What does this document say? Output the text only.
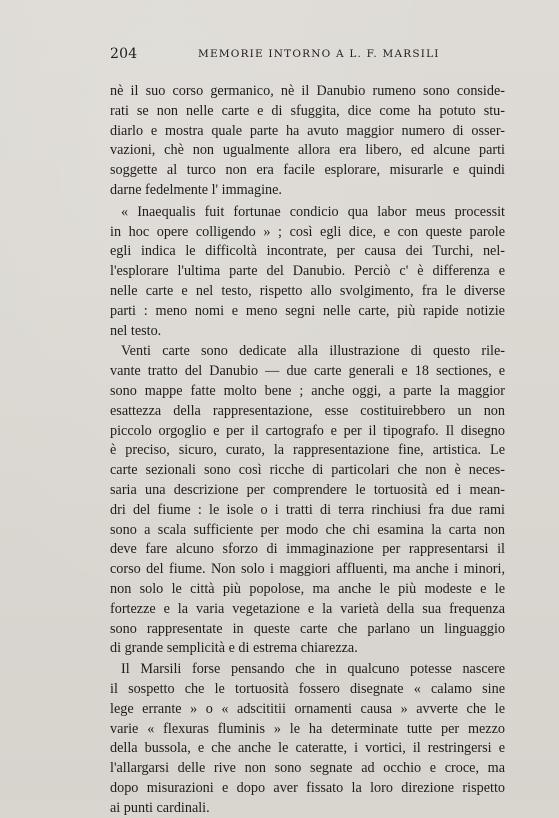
204	MEMORIE INTORNO A L. F. MARSILI

nè il suo corso germanico, nè il Danubio rumeno sono conside-
rati se non nelle carte e di sfuggita, dice come ha potuto stu-
diarlo e mostra quale parte ha avuto maggior numero di osser-
vazioni, chè non ugualmente allora era libero, ed alcune parti
soggette al turco non era facile esplorare, misurarle e quindi
darne fedelmente l' immagine.

« Inaequalis fuit fortunae condicio qua labor meus processit
in hoc opere colligendo » ; così egli dice, e con queste parole
egli indica le difficoltà incontrate, per causa dei Turchi, nel-
l'esplorare l'ultima parte del Danubio. Perciò c' è differenza e
nelle carte e nel testo, rispetto allo svolgimento, fra le diverse
parti : meno nomi e meno segni nelle carte, più rapide notizie
nel testo.

Venti carte sono dedicate alla illustrazione di questo rile-
vante tratto del Danubio — due carte generali e 18 sectiones, e
sono mappe fatte molto bene ; anche oggi, a parte la maggior
esattezza della rappresentazione, esse costituirebbero un non
piccolo orgoglio e per il cartografo e per il tipografo. Il disegno
è preciso, sicuro, curato, la rappresentazione fine, artistica. Le
carte sezionali sono così ricche di particolari che non è neces-
saria una descrizione per comprendere le tortuosità ed i mean-
dri del fiume : le isole o i tratti di terra rinchiusi fra due rami
sono a scala sufficiente per modo che chi esamina la carta non
deve fare alcuno sforzo di immaginazione per rappresentarsi il
corso del fiume. Non solo i maggiori affluenti, ma anche i minori,
non solo le città più popolose, ma anche le più modeste e le
fortezze e la varia vegetazione e la varietà della sua frequenza
sono rappresentate in queste carte che parlano un linguaggio
di grande semplicità e di estrema chiarezza.

Il Marsili forse pensando che in qualcuno potesse nascere
il sospetto che le tortuosità fossero disegnate « calamo sine
lege errante » o « adscititii ornamenti causa » avverte che le
varie « flexuras fluminis » le ha determinate tutte per mezzo
della bussola, e che anche le cateratte, i vortici, il restringersi e
l'allargarsi delle rive non sono segnate ad occhio e croce, ma
dopo misurazioni e dopo aver fissato la loro direzione rispetto
ai punti cardinali.
